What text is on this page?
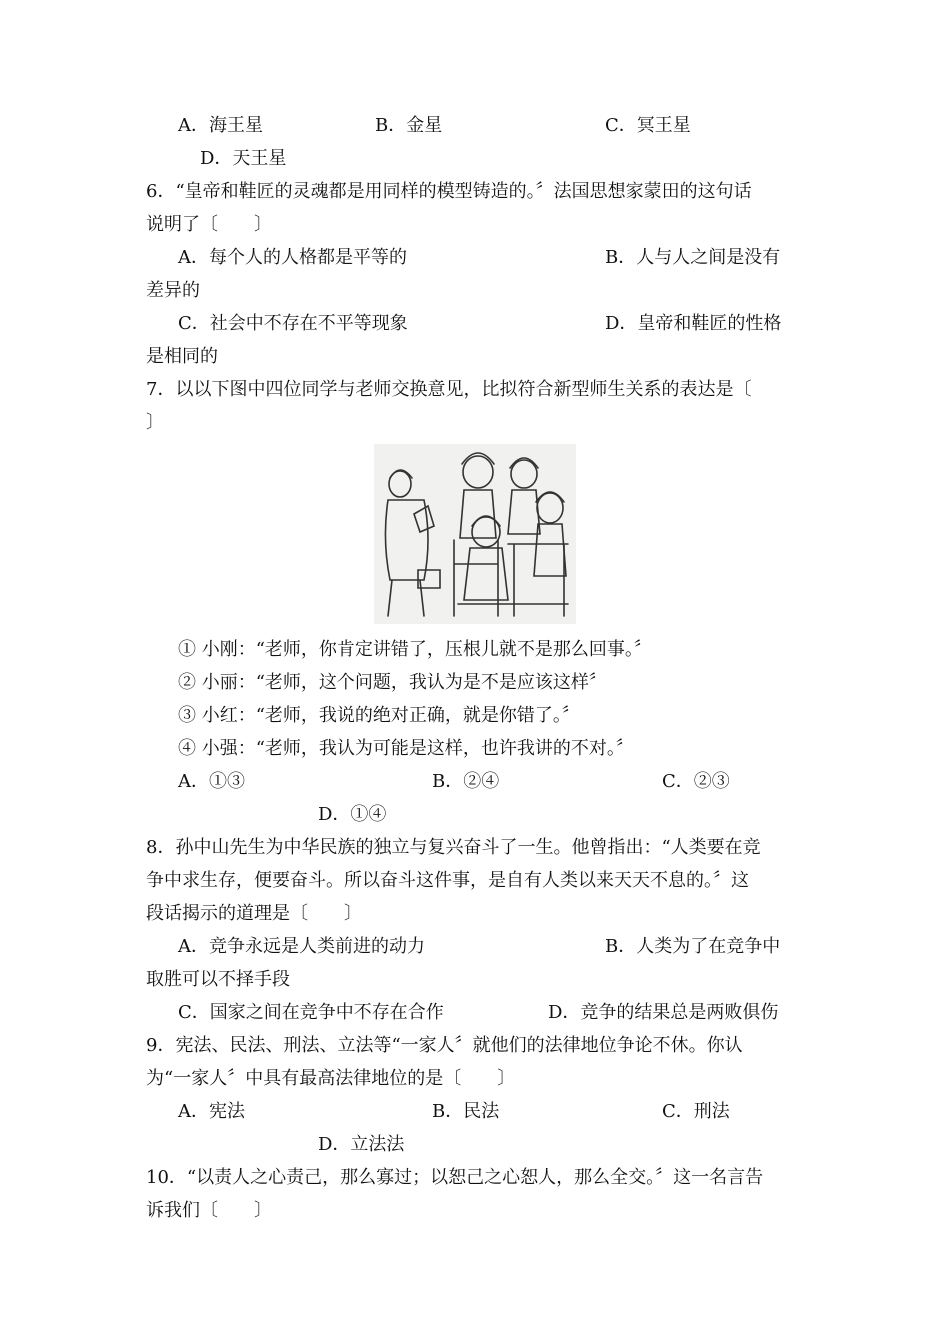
A．海王星	B．金星	C．冥王星
D．天王星
6．“皇帝和鞋匠的灵魂都是用同样的模型铸造的。〞法国思想家蒙田的这句话
说明了〔　　〕
A．每个人的人格都是平等的	B．人与人之间是没有
差异的
C．社会中不存在不平等现象	D．皇帝和鞋匠的性格
是相同的
7．以以下图中四位同学与老师交换意见，比拟符合新型师生关系的表达是〔
〕
① 小刚：“老师，你肯定讲错了，压根儿就不是那么回事。〞
② 小丽：“老师，这个问题，我认为是不是应该这样〞
③ 小红：“老师，我说的绝对正确，就是你错了。〞
④ 小强：“老师，我认为可能是这样，也许我讲的不对。〞
A．①③	B．②④	C．②③
D．①④
8．孙中山先生为中华民族的独立与复兴奋斗了一生。他曾指出：“人类要在竞
争中求生存，便要奋斗。所以奋斗这件事，是自有人类以来天天不息的。〞这
段话揭示的道理是〔　　〕
A．竞争永远是人类前进的动力	B．人类为了在竞争中
取胜可以不择手段
C．国家之间在竞争中不存在合作	D．竞争的结果总是两败俱伤
9．宪法、民法、刑法、立法等“一家人〞就他们的法律地位争论不休。你认
为“一家人〞中具有最高法律地位的是〔　　〕
A．宪法	B．民法	C．刑法
D．立法法
10．“以责人之心责己，那么寡过；以恕己之心恕人，那么全交。〞这一名言告
诉我们〔　　〕
